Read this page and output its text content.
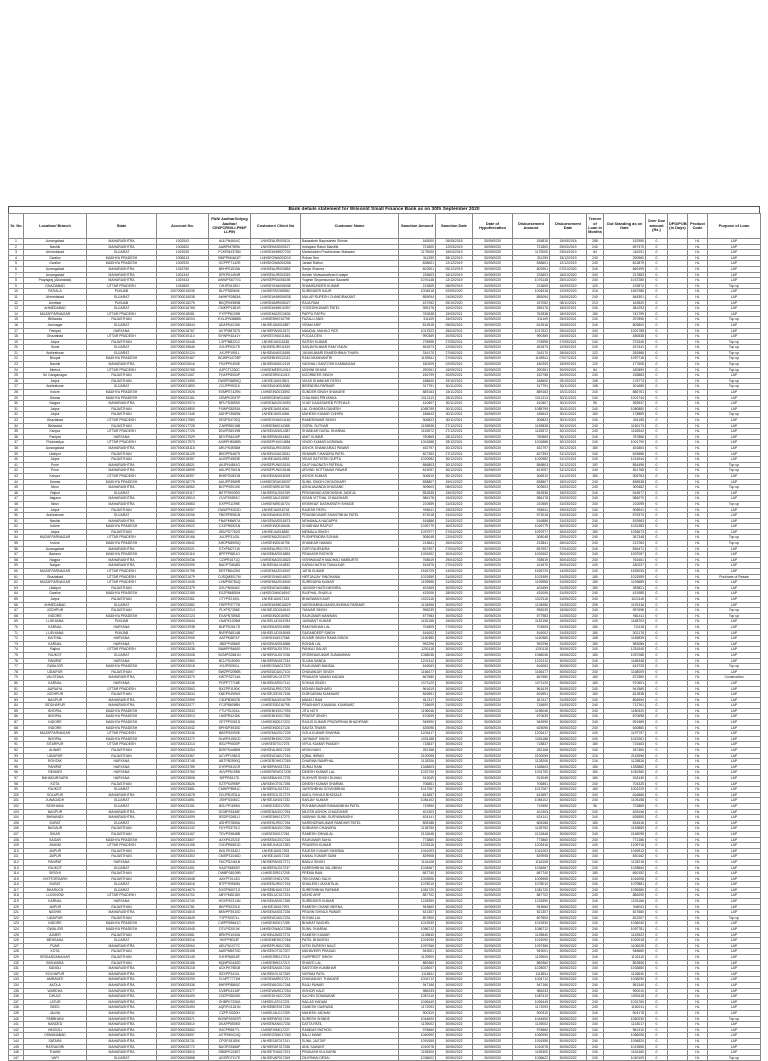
Bank details statement for Wilsonlit Small Finance Bank as on 30th September 2020
Sr. No	Location/ Branch	State	Account No.	PAN/ Aadhar/Udyog Aadhar/ CIN/FCRN/LLPIN/F LLPIN	Customer/ Client No	Customer Name	Sanction Amount	Sanction Date	Date of Hypothecation	Disbursement Amount	Disbursement Date	Tenure of Loan in Months	Out Standing as on Date	Over Due amount (Rs.)	DPD/POB (in Days)	Product Code	Purpose of Loan
1	Aurangabad	MAHARASHTRA	1002542	AULPN4604C	LNHSEAUR000101	Balasaheb Bapusaheb Shinde	165000	26/05/2018	30/09/2020	155815	15/05/2018	288	152955	0		HL	LAP
2	Nashik	MAHARASHTRA	1002602	AAWPM7899L	LNHSENAS000127	Indrayani Rahul Mandlik	721800	12/03/2019	30/09/2020	721800	25/03/2019	240	697370	0		HL	LAP
3	Ahmedabad	GUJARAT	1022630	FCKPM4378M	LNHSEAHM007230	Manishaben Pravinkumar Makwani	1175000	16/04/2019	30/09/2020	1175000	23/04/2019	84	115191	0		HL	LAP
4	Gwalior	MADHYA PRADESH	1006513	BMPPM4641P	LNHSEGWA003210	Rohan Sen	311250	28/12/2019	30/09/2020	311250	15/12/2019	240	290960	0		HL	LAP
5	Gwalior	MADHYA PRADESH	1002920	OCPPP7142R	LNHSEGWA004268	Janakl Rathor	838601	12/12/2019	30/09/2020	838601	12/12/2019	240	813879	0		HL	LAP
6	Aurangabad	MAHARASHTRA	1015750	BKHPS1515A	LNHSEAUR003683	Sanjiv Sharma	602901	05/12/2019	30/09/2020	602901	07/01/2020	240	669199	0		HL	LAP
7	Aurangabad	MAHARASHTRA	1001342	DPKPK1494R	LNHSEAUR004315	Ashish Vishwanathrao Kodape	233603	16/12/2019	30/09/2020	233603	16/01/2020	240	217883	0		HL	LAP
8	Prayagraj (Allahabad)	MAHARASHTRA	1019443	AWWPS6770C	LNHSEPRA006198	Yogesh Shyamsundar Sawanth	1076148	12/12/2019	30/09/2020	1076148	25/01/2020	240	1037285	0		HL	LAP
9	GHAZIABAD	UTTAR PRADESH	1015653	DHJPS4150J	LNHSEGHA008438	SHAMSUNDER KUMAR	213605	06/09/2019	30/09/2020	213605	15/09/2019	120	193872	0		HL	Top up
10	PATIALA	PUNJAB	1007000015035	BLPPS8960K	LNHSEPAT008582	SURENDER KAUR	1004518	02/09/2020	30/09/2020	1004518	12/09/2020	216	1567986	0		HL	LAP
11	Ahmedabad	GUJARAT	1007000015038	AWHPS0563A	LNHSEAHM006938	MALAR RUPESH CHANDRAKANT	855094	24/06/2020	30/09/2020	855094	24/06/2020	240	848301	0		HL	LAP
12	Amritsar	PUNJAB	1007000016275	BKQPK5989B	LNHSEAMR008427	RAJA RAM	157052	05/10/2020	30/09/2020	157052	08/11/2021	213	163520	0		HL	LAP
13	AHMEDABAD	GUJARAT	1007000016765	CMKPP1381R	LNHSEAHM010397	YOGESHKUMAR PATEL	395176	16/02/2021	30/09/2020	395176	18/02/2021	240	381293	0		HL	LAP
14	MUZAFFARNAGAR	UTTAR PRADESH	1007000018081	FYFPP8109B	LNHSEMUZ010634	PAPPU PAPPU	762838	15/03/2021	30/09/2020	762838	18/03/2021	180	741799	0		HL	LAP
15	Bhilwada	RAJASTHAN	1007000018204	EXLJPN3885B	LNHSEBHI010795	FAZALU ANSI	311109	15/03/2021	30/09/2020	311109	25/03/2021	240	297896	0		HL	Top up
16	Jamnagar	GUJARAT	1007000018544	ADAPN1015K	LNHSEJAM011887	VIRAM ARIF	813918	05/05/2021	30/09/2020	813918	15/05/2021	240	805800	0		HL	LAP
17	Panipat	HARYANA	1007000018767	AVTPM5787S	LNHSEPAN011572	MANGAL MAHILO PATI	1017522	25/04/2021	30/09/2020	1017522	25/04/2021	240	1001788	0		HL	LAP
18	Ghaziabad	UTTAR PRADESH	1007000019114	BYWPK6141Y	LNHSEGHA011661	POOJA DEVI	990369	20/05/2021	30/09/2020	990369	24/05/2021	240	486538	0		HL	LAP
19	Jaipur	RAJASTHAN	1007000019448	LXFPBB2212	LNHSEJAI011635	SATISH KUMAR	278998	27/05/2021	30/09/2020	278998	27/05/2021	240	274345	0		HL	Top up
20	Surat	GUJARAT	1007000019846	GJUPP0317S	LNHSESUR011810	SANJAYKUMAR RAM YADAV	481873	12/06/2021	30/09/2020	481873	12/06/2021	240	437441	0		HL	Top up
21	Ankleshwar	GUJARAT	1007000020124	AXJPP1991L	LNHSEANK011695	JAYAKUMARI RAMESHBHAI THAPA	316170	27/06/2021	30/09/2020	316170	28/06/2021	122	283968	0		HL	Top up
22	Bhopal	MADHYA PRADESH	1007000020467	BCWPG4729P	LNHSEBHO012112	RAM DHANVANTRI	1159511	27/06/2021	30/09/2020	1159511	07/07/2021	240	1097716	0		HL	Top up
23	Nashik	MAHARASHTRA	1007000020616	FNXPP0494E	LNHSENAS012119	VAISHALI SANTOSH KAMMAGAM	180209	02/09/2021	30/09/2020	180209	15/09/2021	120	177608	0		HL	Top up
24	Meerut	UTTAR PRADESH	1007000020765	AJPCT1230C	LNHSEMEE012413	MOHINI ISHANI	290261	15/09/2021	30/09/2020	290261	30/09/2021	84	180590	0		HL	Top up
25	Sri Ganganagar	RAJASTHAN	1007000021067	FHAPP8054P	LNHSESRI011019	NOORBEER SINGH	156799	20/09/2021	30/09/2020	152758	30/09/2021	240	155883	0		HL	LAP
26	Jaipur	RAJASTHAN	1007000021595	DWSPS6895Q	LNHSEJAI013501	VIKAS SHANKAR FATEH	188600	19/10/2021	30/09/2020	188600	25/10/2021	108	178773	0		HL	Top up
27	Ankleshwar	GUJARAT	1007000021893	CDJPP9931K	LNHSEANK015080	BIRENDRA PARMAR	317791	30/11/2021	30/09/2020	317791	30/11/2021	108	301685	0		HL	Top up
28	Indore	MADHYA PRADESH	1007000021926	EXMPS7429N	LNHSEIND013593	SUNDER SINGH SHAKARE	889163	15/11/2021	30/09/2020	889163	15/11/2021	240	886751	0		HL	LAP
29	Dewas	MADHYA PRADESH	1007000022161	CEMPK2037P	LNHSEDEW014067	CHAUHAN PRIYANKA	1012113	28/11/2021	30/09/2020	1012113	30/11/2021	240	1001744	0		HL	LAP
30	Nagpur	MAHARASHTRA	1007000022974	BPLPD3895S	LNHSENAG015053	VIJAY DADASAHEB POPHALE	410607	30/11/2021	30/09/2020	410607	30/11/2021	96	399537	0		HL	LAP
31	Jaipur	RAJASTHAN	1007000024890	FXWPS8293A	LNHSEJAI014040	LAL CHANDRA GANESH	1085799	30/11/2021	30/09/2020	1085799	30/11/2021	240	1080880	0		HL	LAP
32	Jaipur	RAJASTHAN	1007000017446	ADHPY3559N	LNHSEJAI014066	MAHESH KUMAR CHHIPA	186643	30/11/2021	30/09/2020	186643	30/11/2021	180	178889	0		HL	Top up
33	Ghaziabad	UTTAR PRADESH	1007000017583	DRJPS4732Q	LNHSEGHA014160	RAMESHWAR SINGH	306823	30/11/2021	30/09/2020	306823	30/11/2021	240	301155	0		HL	LAP
34	Bhilwada	RAJASTHAN	1007000017728	ZJWPB5018B	LNHSEBHI014388	GOPAL SUTHAR	1159838	27/12/2021	30/09/2020	1159838	30/12/2021	240	1150173	0		HL	LAP
35	Kanpur	UTTAR PRADESH	1007000017725	DNXPS6919B	LNHSEKAN014387	SHANKAR DAYAL SHARMA	1163572	27/12/2021	30/09/2020	1163572	30/12/2021	240	1163942	0		HL	LAP
36	Panipat	HARYANA	1007000017929	BDYPS6416P	LNHSEPAN014452	AMIT KUMAR	780869	28/12/2021	30/09/2020	780869	30/12/2021	240	787866	0		HL	LAP
37	Phulwadiya	UTTAR PRADESH	1007000017973	AXWPH8065B	LNHSEPHU014584	VINOD KUMAR AGRAWAL	1001888	28/12/2021	30/09/2020	1001888	30/12/2021	240	1001790	0		HL	LAP
38	Aurangabad	MAHARASHTRA	1007000018118	ARLPS4935M	LNHSEAUR015000	ASHOK SHANKARAO PAWAR	452797	30/12/2021	30/09/2020	452797	30/12/2021	180	451864	0		HL	LAP
39	Udaipur	RAJASTHAN	1007000018125	BKDPP6487S	LNHSEUDA015011	ISHWARI CHANDRA PATEL	627393	27/12/2021	30/09/2020	627393	31/12/2021	240	625686	0		HL	LAP
40	Jaipur	RAJASTHAN	1007000018357	AUSPP4593E	LNHSEJAI014953	VIKAS SATYESH GUPTA	1020982	30/12/2021	30/09/2020	1020982	31/12/2021	240	1014944	0		HL	LAP
41	Pune	MAHARASHTRA	1007000018521	AKJPN4841G	LNHSEPUN015151	DILIP NAGNATH PATEKAL	856803	30/12/2021	30/09/2020	856803	31/12/2021	192	854496	0		HL	Top up
42	Pune	MAHARASHTRA	1007000018599	AKUPS7501N	LNHSEPUN015168	ARVIND HOTTAMAS PAWAR	813097	30/12/2021	30/09/2020	813097	31/12/2021	240	811768	0		HL	Top up
43	Kanpur	UTTAR PRADESH	1007000018397	BVBPG0831B	LNHSEKAN015025	ASHOK KUMAR	306510	30/12/2021	30/09/2020	306510	31/12/2021	180	306763	0		HL	LAP
44	Dewas	MADHYA PRADESH	1007000018779	AUUPP3989R	LNHSEDEW015097	SUNIL SINGH CHOUDHARY	838807	15/01/2022	30/09/2020	838807	15/01/2022	240	838938	0		HL	LAP
45	Nirun	MAHARASHTRA	1007000018962	BCPPS9010K	LNHSENIR015765	ASHA ANANDA DHAGANE	309603	08/03/2022	30/09/2020	309603	10/03/2022	240	309482	0		HL	Top up
46	Rajkot	GUJARAT	1007000019117	BKTPS9039G	LNHSERAJ015769	PRIYAMVAD ASHOKSINH JADEJA	552835	15/03/2022	30/09/2020	552835	15/03/2022	240	516577	0		HL	LAP
47	Jalgaon	MAHARASHTRA	1007000019513	CLVPS0891C	LNHSEJAL015987	KISAN VITTHAL CHAUDHARI	986178	15/03/2022	30/09/2020	986178	20/03/2022	240	985270	0		HL	LAP
48	Nirun	MAHARASHTRA	1007000019863	EXPPS1199E	LNHSENIR016724	KRISHNAT DASHARATH SHINDE	210559	31/03/2022	30/09/2020	210559	31/03/2022	240	210099	0		HL	Top up
49	Jaipur	RAJASTHAN	1007000019057	DWUPP6321D	LNHSEJAI016718	RAJESH PATEL	908411	19/03/2022	30/09/2020	908411	19/03/2022	240	908941	0		HL	LAP
50	Ankleshwar	GUJARAT	1007000019296	FBGPP8981B	LNHSEANK015781	PRAVINKUMAR SHANTIBHAI PATEL	573018	31/03/2022	30/09/2020	573018	31/03/2022	240	575373	0		HL	LAP
51	Nashik	MAHARASHTRA	1007000019650	FNAPM9697A	LNHSENAS016573	NEHAMALA NAGAPPA	516886	31/03/2022	30/09/2020	516886	31/03/2022	240	515963	0		HL	LAP
52	Indore	MADHYA PRADESH	1007000019922	CXZPR6921N	LNHSEIND016646	SHUBHAM RAJPUT	1026779	30/03/2022	30/09/2020	1026779	30/03/2022	240	1031383	0		HL	LAP
53	Jaipur	RAJASTHAN	1007000019662	GBLPS7762G	LNHSEJAI016830	NIRMALA SINGH	1097977	27/04/2022	30/09/2020	1097977	30/04/2022	180	1093673	0		HL	LAP
54	MUZAFFARNAGAR	UTTAR PRADESH	1007000019166	AUJPP3143L	LNHSEMUZ016472	PUSHPENDRA SOHAN	308048	22/04/2022	30/09/2020	308048	22/04/2022	240	367348	0		HL	Top up
55	Indore	MADHYA PRADESH	1007000019842	AHDPN8905Q	LNHSEIND016796	SHANKAR NAMAN	213841	26/04/2022	30/09/2020	213841	26/04/2022	240	213784	0		HL	Top up
56	Aurangabad	MAHARASHTRA	1007000020021	GTXPM2711K	LNHSEAUR017071	GOPI RAJENDRA	837907	27/04/2022	30/09/2020	837907	27/04/2022	240	836471	0		HL	LAP
57	Barlaon	MADHYA PRADESH	1007000020116	BPFPP8811G	LNHSEBAR016853	PRAKASH RATHOD	1091502	30/04/2022	30/09/2020	1091502	30/04/2022	240	1097057	0		HL	LAP
58	Nagpur	MAHARASHTRA	1007000020036	CZIPR1671Q	LNHSENAG016823	VISHWANATH MADHAO NIMBURTE	768519	29/04/2022	30/09/2020	768519	30/04/2022	240	764461	0		HL	LAP
59	Nalgun	MAHARASHTRA	1007000020099	BADPT0848G	LNHSENAL016832	KARAN NATHU TANALKAR	161875	27/04/2022	30/09/2020	161875	30/04/2022	240	180237	0		HL	LAP
60	MUZAFFARNAGAR	UTTAR PRADESH	1007000020798	DRTPB6425G	LNHSEMUZ016947	JATIN KUMAR	1526729	14/05/2022	30/09/2020	1526729	14/05/2022	240	1525033	0		HL	LAP
61	Ghaziabad	UTTAR PRADESH	1007000021079	DJSQM5017M	LNHSEGHA016870	HIRTUNJAY SINGHANIA	1021559	31/05/2022	30/09/2020	1021559	31/05/2022	180	1021559	0		HL	Purchase of Resale
62	MUZAFFARNAGAR	UTTAR PRADESH	1007000021045	LXMPS5784Q	LNHSEMUZ016940	SURENDRA KUMAR	1193956	31/05/2022	30/09/2020	1193956	31/05/2022	180	1193689	0		HL	LAP
63	Udaipur	RAJASTHAN	1007000022379	DXLPN0646C	LNHSEUDA016861	JAGDISH NATH MISHRA	403459	30/05/2022	30/09/2020	403459	31/05/2022	180	399821	0		HL	LAP
64	Gwalior	MADHYA PRADESH	1007000022155	EXZPB6892M	LNHSEGWA016947	RAJPHAL SHUKLA	432006	28/05/2022	30/09/2020	432006	31/05/2022	240	431985	0		HL	LAP
65	Jaipur	RAJASTHAN	1007000022361	CTYPS2192L	LNHSEJAI017143	BHAGWAN KAUR	1022116	30/05/2022	30/09/2020	1022116	31/05/2022	240	1021116	0		HL	LAP
66	AHMEDABAD	GUJARAT	1007000022682	FBFPP3777B	LNHSEAHM016529	VARSHABHAI MANSUKHBHAI PARMAR	1134956	30/05/2022	30/09/2020	1134956	31/05/2022	205	1191316	0		HL	LAP
67	JODHPUR	RAJASTHAN	1007000022213	PLXPS7256E	LNHSEJOD016910	TANVAR SINGH	998239	15/06/2022	30/09/2020	998239	15/06/2022	240	997698	0		HL	Top up
68	INDORE	MADHYA PRADESH	1007000022123	EXAPN7896D	LNHSEIND016952	RAJKUMAR MANWAN	577983	30/05/2022	30/09/2020	577983	31/05/2022	240	981411	0		HL	Top up
69	LUDHIANA	PUNJAB	1007000020644	LNAPK1005M	LNHSELUD016784	JASWANT KUMAR	1152158	15/06/2022	30/09/2020	1152158	15/06/2022	240	1168703	0		HL	LAP
70	KARNAL	HARYANA	1007000022938	BUFPK2617D	LNHSEKAR016950	RAM NISHAN LAL	704805	27/05/2022	30/09/2020	704805	31/05/2022	180	711118	0		HL	LAP
71	LUDHIANA	PUNJAB	1007000022667	BVRPS6514B	LNHSELUD016948	GAGANDEEP SINGH	516002	31/05/2022	30/09/2020	516002	31/05/2022	180	302175	0		HL	LAP
72	KAITHAL	HARYANA	1007000022905	AATPK8871F	LNHSEKAI017068	KULBIR SINGH RAMA SINGH	1160380	30/06/2022	30/09/2020	1160380	30/06/2022	168	1165839	0		HL	LAP
73	KARNAL	HARYANA	1007000022971	JBDPP4984R	LNHSEKAR016968	ROHAN LAL	992296	30/05/2022	30/09/2020	992296	31/05/2022	180	983085	0		HL	LAP
74	Rajkot	UTTAR PRADESH	1007000023038	BAWPP8460E	LNHSERAJ017091	PANKAJ SALAR	1251118	30/06/2022	30/09/2020	1251118	30/06/2022	240	1251945	0		HL	LAP
75	RAJKOT	GUJARAT	1007000023008	BCMPS2681N	LNHSERAJ017038	KRISHNAKUMAR SUMANBHAI	1068038	15/06/2022	30/09/2020	1068038	15/06/2022	180	1057288	0		HL	LAP
76	PANIPAT	HARYANA	1007000022960	BCLPS1509G	LNHSEPAN017234	SUJAN NANDA	1201312	30/06/2022	30/09/2020	1201312	30/06/2022	240	1186348	0		HL	LAP
77	GWALIOR	MADHYA PRADESH	1007000023018	XGJPS0901L	LNHSEGWA017320	RAJKUMAR BANSAL	616063	30/06/2022	30/09/2020	616063	30/06/2022	240	619725	0		HL	Top up
78	UDAIPUR	RAJASTHAN	1007000023067	BWZPR2096B	LNHSEUDA017101	DHANANJAY SINGH	1166477	30/06/2022	30/09/2020	1166477	30/06/2022	240	1168009	0		HL	LAP
79	VALSTANA	MAHARASHTRA	1007000023070	KWTPS2714A	LNHSEVAL017279	PRAKASH VAMAN KADAM	667680	30/06/2022	30/09/2020	667680	30/06/2022	180	672380	0		HL	Construction
80	KARNAL	HARYANA	1007000023436	PDPPT7718E	LNHSEKAR017112	SOHAN SINGH	1071120	30/06/2022	30/09/2020	1071120	30/06/2022	180	970601	0		HL	LAP
81	AURAIYA	UTTAR PRADESH	1007000023563	BXZPP1190K	LNHSEAUR017203	MOHAN BASHARU	961619	30/06/2022	30/09/2020	961619	30/06/2022	240	941569	0		HL	LAP
82	JODHPUR	RAJASTHAN	1007000023634	KNDPK4996G	LNHSEJOD017108	DURGARAM KUMAWAT	826591	30/06/2022	30/09/2020	826591	30/06/2022	180	812838	0		HL	LAP
83	NAGPUR	MAHARASHTRA	1007000022599	CBJPB3837B	LNHSENAG016799	MANOJ RAM	812117	20/05/2022	30/09/2020	812117	31/05/2022	240	806900	0		HL	LAP
84	SIDDHAPUR	MAHARASHTRA	1007000022077	FCJPB6098N	LNHSESID016798	PRASHANT KAMAVAL KUMAWAT	718609	31/05/2022	30/09/2020	718609	31/05/2022	240	712761	0		HL	LAP
85	BHOPAL	MADHYA PRADESH	1007000022533	FTLPS1031A	LNHSEBHO017093	JITU NOTI	1196046	30/06/2022	30/09/2020	1196046	30/06/2022	240	1180420	0		HL	LAP
86	BHOPAL	MADHYA PRADESH	1007000023913	LNSPR4245K	LNHSEBHO017081	PRATAP SINGH	670639	30/06/2022	30/09/2020	670639	30/06/2022	240	870698	0		HL	LAP
87	INDORE	MADHYA PRADESH	1007000024066	CETPP0051D	LNHSEIND017223	RAJUS KUMAR PRATAPBHAI BHADIPANE	945990	30/06/2022	30/09/2020	945990	30/06/2022	240	991589	0		HL	LAP
88	INDORE	MADHYA PRADESH	1007000024042	BPHDP3930D	LNHSEIND017126	SAVITA TIWARI	625096	29/06/2022	30/09/2020	625096	30/06/2022	240	630880	0		HL	LAP
89	MUZAFFARNAGAR	UTTAR PRADESH	1007000023246	BBSPS0090E	LNHSEMUZ017226	GOLA KUMAR SHARMA	1203417	30/06/2022	30/09/2020	1203417	30/06/2022	240	1197797	0		HL	LAP
90	BHOPAL	MADHYA PRADESH	1007000023272	DLWPS1951D	LNHSEBHO017225	JAYWANT SINGH	1001188	30/06/2022	30/09/2020	1001188	30/06/2022	240	1019261	0		HL	LAP
91	SITARPUR	UTTAR PRADESH	1007000023213	BSLPP9530P	LNHSESIT017275	VIPUL KUMAR PANDEY	718837	30/06/2022	30/09/2020	718837	30/06/2022	180	715463	0		HL	LAP
92	ALWAR	RAJASTHAN	1007000023254	BZKPS4485M	LNHSEALW017225	ARUN NAIN	252168	30/06/2022	30/09/2020	252168	30/06/2022	240	257460	0		HL	LAP
93	UDAIPUR	RAJASTHAN	1007000023367	ACVPF1981G	LNHSEUDA017216	IQBAL IMRAN	2100095	30/06/2022	30/09/2020	2100095	30/06/2022	216	2115990	0		HL	LAP
94	ROHTAK	HARYANA	1007000023748	ABTPB2590Q	LNHSEROH017269	DHARMA RAMPHAL	1128206	30/06/2022	30/09/2020	1128206	30/06/2022	216	1125826	0		HL	LAP
95	PANIPAT	HARYANA	1007000023789	DYRPS5101R	LNHSEPAN017231	SURAJ RANI	1348603	30/06/2022	30/09/2020	1348603	30/06/2022	180	1353882	0		HL	LAP
96	REWARI	HARYANA	1007000023760	AVVPP5195B	LNHSEREW017235	DINESH KUMAR LAL	1031700	30/06/2022	30/09/2020	1031700	30/06/2022	180	1052360	0		HL	LAP
97	BAHADURGARH	HARYANA	1007000023508	BIFPR8117D	LNHSEBAH017278	SUKHVIR SINGH DUHAN	913049	30/06/2022	30/09/2020	913049	30/06/2022	180	918130	0		HL	LAP
98	KOTA	RAJASTHAN	1007000023626	EZTPS4998P	LNHSEKOT017255	DINESH KUMAR SHARMA	706851	30/06/2022	30/09/2020	706851	30/06/2022	240	704325	0		HL	LAP
99	RAJKOT	GUJARAT	1007000023681	CMNPP8961C	LNHSERAJ017231	JAYESHBHAI GOVINDBHAI	1017067	30/06/2022	30/09/2020	1017067	30/06/2022	180	1001229	0		HL	LAP
100	SOLAPUR	MAHARASHTRA	1007000024578	DDJPB1931A	LNHSESOL017279	AMOL SHIVAJI BHOSALE	613657	30/06/2022	30/09/2020	613657	30/06/2022	240	616866	0		HL	LAP
101	JUNAGADH	GUJARAT	1007000024891	JSHPS3451C	LNHSEJUN017232	SANJAY KUMAR	1084102	30/06/2022	30/09/2020	1084102	30/06/2022	240	1105158	0		HL	LAP
102	SIDDHANA	GUJARAT	1007000023151	BSLPP1694N	LNHSESID017293	ROHANKUMAR BHAVANBHAI PATEL	719990	30/06/2022	30/09/2020	719990	30/06/2022	96	723889	0		HL	LAP
103	NAGPUR	MAHARASHTRA	1007000023304	DCMPS5184F	LNHSENAG017261	NILESH ASHOK CHAUDHARI	401303	30/06/2022	30/09/2020	401303	30/06/2022	240	405106	0		HL	LAP
104	BHIWANDI	MAHARASHTRA	1007000024099	BSDPS2651J	LNHSEBHI017270	VAIBHAV SUNIL SURYAWANSHI	624141	30/06/2022	30/09/2020	624141	30/06/2022	240	626550	0		HL	LAP
105	SURAT	GUJARAT	1007000023904	ASHPS7855A	LNHSESUR017254	NARENDRAKUMAR RANDHIR PATEL	808186	30/06/2022	30/09/2020	808186	30/06/2022	180	818416	0		HL	LAP
106	NAGAUR	RAJASTHAN	1007000024132	FUYPS3701C	LNHSENAG017266	SUBHASH CHANDRA	1135750	30/06/2022	30/09/2020	1135750	30/06/2022	240	1153869	0		HL	LAP
107	SIKAR	RAJASTHAN	1007000024167	TDVPS9848B	LNHSESIK017261	RAMESH SHIVALAL	2131848	30/06/2022	30/09/2020	2131848	30/06/2022	240	2148095	0		HL	LAP
108	SAGAR	MADHYA PRADESH	1007000023807	AXXPS1021E	LNHSESAG017216	RAJKUMAR SAHU	773860	30/06/2022	30/09/2020	773860	30/06/2022	240	772186	0		HL	LAP
109	JHANSI	UTTAR PRADESH	1007000024198	CVDPR6891D	LNHSEJHA017283	PRAVEEN KUMAR	1203316	30/06/2022	30/09/2020	1203316	30/06/2022	240	1209716	0		HL	LAP
110	JAIPUR	RAJASTHAN	1007000024204	BGLPK3340J	LNHSEJAI017263	RAJESH KUMAR SHARMA	1041003	30/06/2022	30/09/2020	1041003	30/06/2022	240	1049912	0		HL	LAP
111	JAIPUR	RAJASTHAN	1007000024302	CMSPS1046D	LNHSEJAI017218	KAMAL KUMAR SAINI	829908	30/06/2022	30/09/2020	829908	30/06/2022	240	830162	0		HL	LAP
112	PANIPAT	HARYANA	1007000024315	FACPS2461B	LNHSEPAN017271	BABLU SINGH	1116108	30/06/2022	30/09/2020	1116108	30/06/2022	240	1125218	0		HL	LAP
113	RAJKOT	GUJARAT	1007000024401	KAJPS6691R	LNHSERAJ017237	HARESHBHAI VALJIBHAI	1034567	30/06/2022	30/09/2020	1034567	30/06/2022	240	1028800	0		HL	LAP
114	SIROHI	RAJASTHAN	1007000024507	DWBPS8109B	LNHSESIR017205	PREMA RAM	687740	30/06/2022	30/09/2020	687740	30/06/2022	180	690152	0		HL	LAP
115	CHITTORGARH	RAJASTHAN	1007000024548	AAYPT0141D	LNHSECHI017291	TEKCHAND SALVI	1003906	30/06/2022	30/09/2020	1003906	30/06/2022	240	1016008	0		HL	LAP
116	SURAT	GUJARAT	1007000024618	BTFPS9963N	LNHSESUR017218	SHAILESH JAYANTILAL	1078010	30/06/2022	30/09/2020	1078010	30/06/2022	240	1079881	0		HL	LAP
117	BHARUCH	GUJARAT	1007000024670	DXSPS6071G	LNHSEBHA017212	SURESHBHAI PARMAR	1081720	30/06/2022	30/09/2020	1081720	30/06/2022	240	1095380	0		HL	LAP
118	LUCKNOW	UTTAR PRADESH	1007000024702	ABYPM3018K	LNHSELUC017224	MOHD ARIF	887702	30/06/2022	30/09/2020	887702	30/06/2022	240	886290	0		HL	LAP
119	KARNAL	HARYANA	1007000024740	HOXPS0214N	LNHSEKAR017269	SURENDER KUMAR	1218390	30/06/2022	30/09/2020	1218390	30/06/2022	240	1231166	0		HL	LAP
120	JAIPUR	RAJASTHAN	1007000024781	BKPPS0201K	LNHSEJAI017291	RAMESH CHAND MEENA	943660	30/06/2022	30/09/2020	943660	30/06/2022	240	946011	0		HL	LAP
121	NASHIK	MAHARASHTRA	1007000024815	BMVPP3510D	LNHSENAS017226	PRAVIN SHIVAJI PAWAR	521307	30/06/2022	30/09/2020	521307	30/06/2022	240	527660	0		HL	LAP
122	UDAIPUR	RAJASTHAN	1007000024849	FJPPS0071L	LNHSEUDA017231	SHYAM LAL	807800	30/06/2022	30/09/2020	807800	30/06/2022	240	812207	0		HL	Top up
123	INDORE	MADHYA PRADESH	1007000024900	CWPPB5641C	LNHSEIND017285	BHARAT BAGHEL	1013930	30/06/2022	30/09/2020	1013930	30/06/2022	240	1036040	0		HL	LAP
124	GWALIOR	MADHYA PRADESH	1007000024945	DTLPS3010K	LNHSEGWA017288	SUNIL SHARMA	1086712	30/06/2022	30/09/2020	1086712	30/06/2022	240	1097781	0		HL	LAP
125	AJMER	RAJASTHAN	1007000024981	BRKPS1040A	LNHSEAJM017276	RAMESH KUMAR	1139840	30/06/2022	30/09/2020	1139840	30/06/2022	240	1143922	0		HL	LAP
126	MEHSANA	GUJARAT	1007000025016	HIXPP8013F	LNHSEMEH017266	PATEL BHAVESH	1024090	30/06/2022	30/09/2020	1024090	30/06/2022	240	1020018	0		HL	LAP
127	PUNE	MAHARASHTRA	1007000025064	AELPN1077C	LNHSEPUN017282	NITIN SURESH NALE	1097366	30/06/2022	30/09/2020	1097366	30/06/2022	240	1106028	0		HL	LAP
128	KOTA	RAJASTHAN	1007000025108	AAKPM5570D	LNHSEKOT017207	MAHAVEER PRASAD	943001	30/06/2022	30/09/2020	943001	30/06/2022	240	948680	0		HL	LAP
129	SRIGANGANAGAR	RAJASTHAN	1007000025145	EJHPS6618F	LNHSESRI017215	GURPREET SINGH	1129900	30/06/2022	30/09/2020	1129900	30/06/2022	240	1132110	0		HL	LAP
130	BHILWARA	RAJASTHAN	1007000025186	BQNPS0440D	LNHSEBHI017213	SHANTI LAL	889360	30/06/2022	30/09/2020	889360	30/06/2022	240	892806	0		HL	LAP
131	SANGLI	MAHARASHTRA	1007000025218	ACKPK7981B	LNHSESAN017216	SANTOSH KUMBHAR	1028007	30/06/2022	30/09/2020	1028007	30/06/2022	240	1033680	0		HL	LAP
132	KOLHAPUR	MAHARASHTRA	1007000025260	BZXPP2410L	LNHSEKOL017269	VIKRAM PATIL	1118611	30/06/2022	30/09/2020	1118611	30/06/2022	240	1126640	0		HL	LAP
133	AMRAVATI	MAHARASHTRA	1007000025299	CLNPT7771M	LNHSEAMR017211	DHANANJAY THAKARE	1004712	30/06/2022	30/09/2020	1004712	30/06/2022	240	1008290	0		HL	LAP
134	AKOLA	MAHARASHTRA	1007000025336	BHRPP8860C	LNHSEAKO017248	RAJU PAWAR	947166	30/06/2022	30/09/2020	947166	30/06/2022	240	951340	0		HL	LAP
135	WARDHA	MAHARASHTRA	1007000025377	DVBPK4416F	LNHSEWAR017254	KISHOR KALE	986233	30/06/2022	30/09/2020	986233	30/06/2022	240	990010	0		HL	LAP
136	DHULE	MAHARASHTRA	1007000025409	CDDPS5525E	LNHSEDHU017228	SACHIN SONAWANE	1087410	30/06/2022	30/09/2020	1087410	30/06/2022	240	1090118	0		HL	LAP
137	LATUR	MAHARASHTRA	1007000025450	GHBPK7206A	LNHSELAT017221	KAILAS KADAM	1026440	30/06/2022	30/09/2020	1026440	30/06/2022	240	1031760	0		HL	LAP
138	BEED	MAHARASHTRA	1007000025493	AQRPG1181N	LNHSEBEE017236	GANESH GAIKWAD	1172093	30/06/2022	30/09/2020	1172093	30/06/2022	240	1180211	0		HL	LAP
139	JALNA	MAHARASHTRA	1007000025532	CZPPJ3320H	LNHSEJAL017259	MAHESH JADHAV	900310	30/06/2022	30/09/2020	900310	30/06/2022	240	904178	0		HL	LAP
140	PARBHANI	MAHARASHTRA	1007000025571	BOWPS9057R	LNHSEPAR017240	SURESH SHINDE	1044600	30/06/2022	30/09/2020	1044600	30/06/2022	240	1050230	0		HL	Top up
141	NANDED	MAHARASHTRA	1007000025610	DKAPP5508G	LNHSENAN017230	DATTA PATIL	1139002	30/06/2022	30/09/2020	1139002	30/06/2022	240	1143017	0		HL	LAP
142	HINGOLI	MAHARASHTRA	1007000025652	BJCPR6677L	LNHSEHIN017227	RAMDAS RATHOD	978660	30/06/2022	30/09/2020	978660	30/06/2022	240	981310	0		HL	LAP
143	OSMANABAD	MAHARASHTRA	1007000025697	AXTPM0024Q	LNHSEOSM017263	BALU MANE	1060990	30/06/2022	30/09/2020	1060990	30/06/2022	240	1066006	0		HL	LAP
144	SATARA	MAHARASHTRA	1007000025731	CPGPJ8180K	LNHSESAT017241	SUNIL JAGTAP	1091555	30/06/2022	30/09/2020	1091555	30/06/2022	240	1094820	0		HL	LAP
145	RATNAGIRI	MAHARASHTRA	1007000025772	BUOPS3368P	LNHSERAT017256	ANIL SAWANT	1010078	30/06/2022	30/09/2020	1010078	30/06/2022	240	1013555	0		HL	LAP
146	THANE	MAHARASHTRA	1007000025810	DBMPK2245T	LNHSETHA017223	PRAKASH KULKARNI	1155300	30/06/2022	30/09/2020	1155300	30/06/2022	240	1161460	0		HL	LAP
147	VAPI	GUJARAT	1007000025858	AGSPD7117E	LNHSEVAP017269	DILIPBHAI DESAI	1036622	30/06/2022	30/09/2020	1036622	30/06/2022	240	1040109	0		HL	Top up
